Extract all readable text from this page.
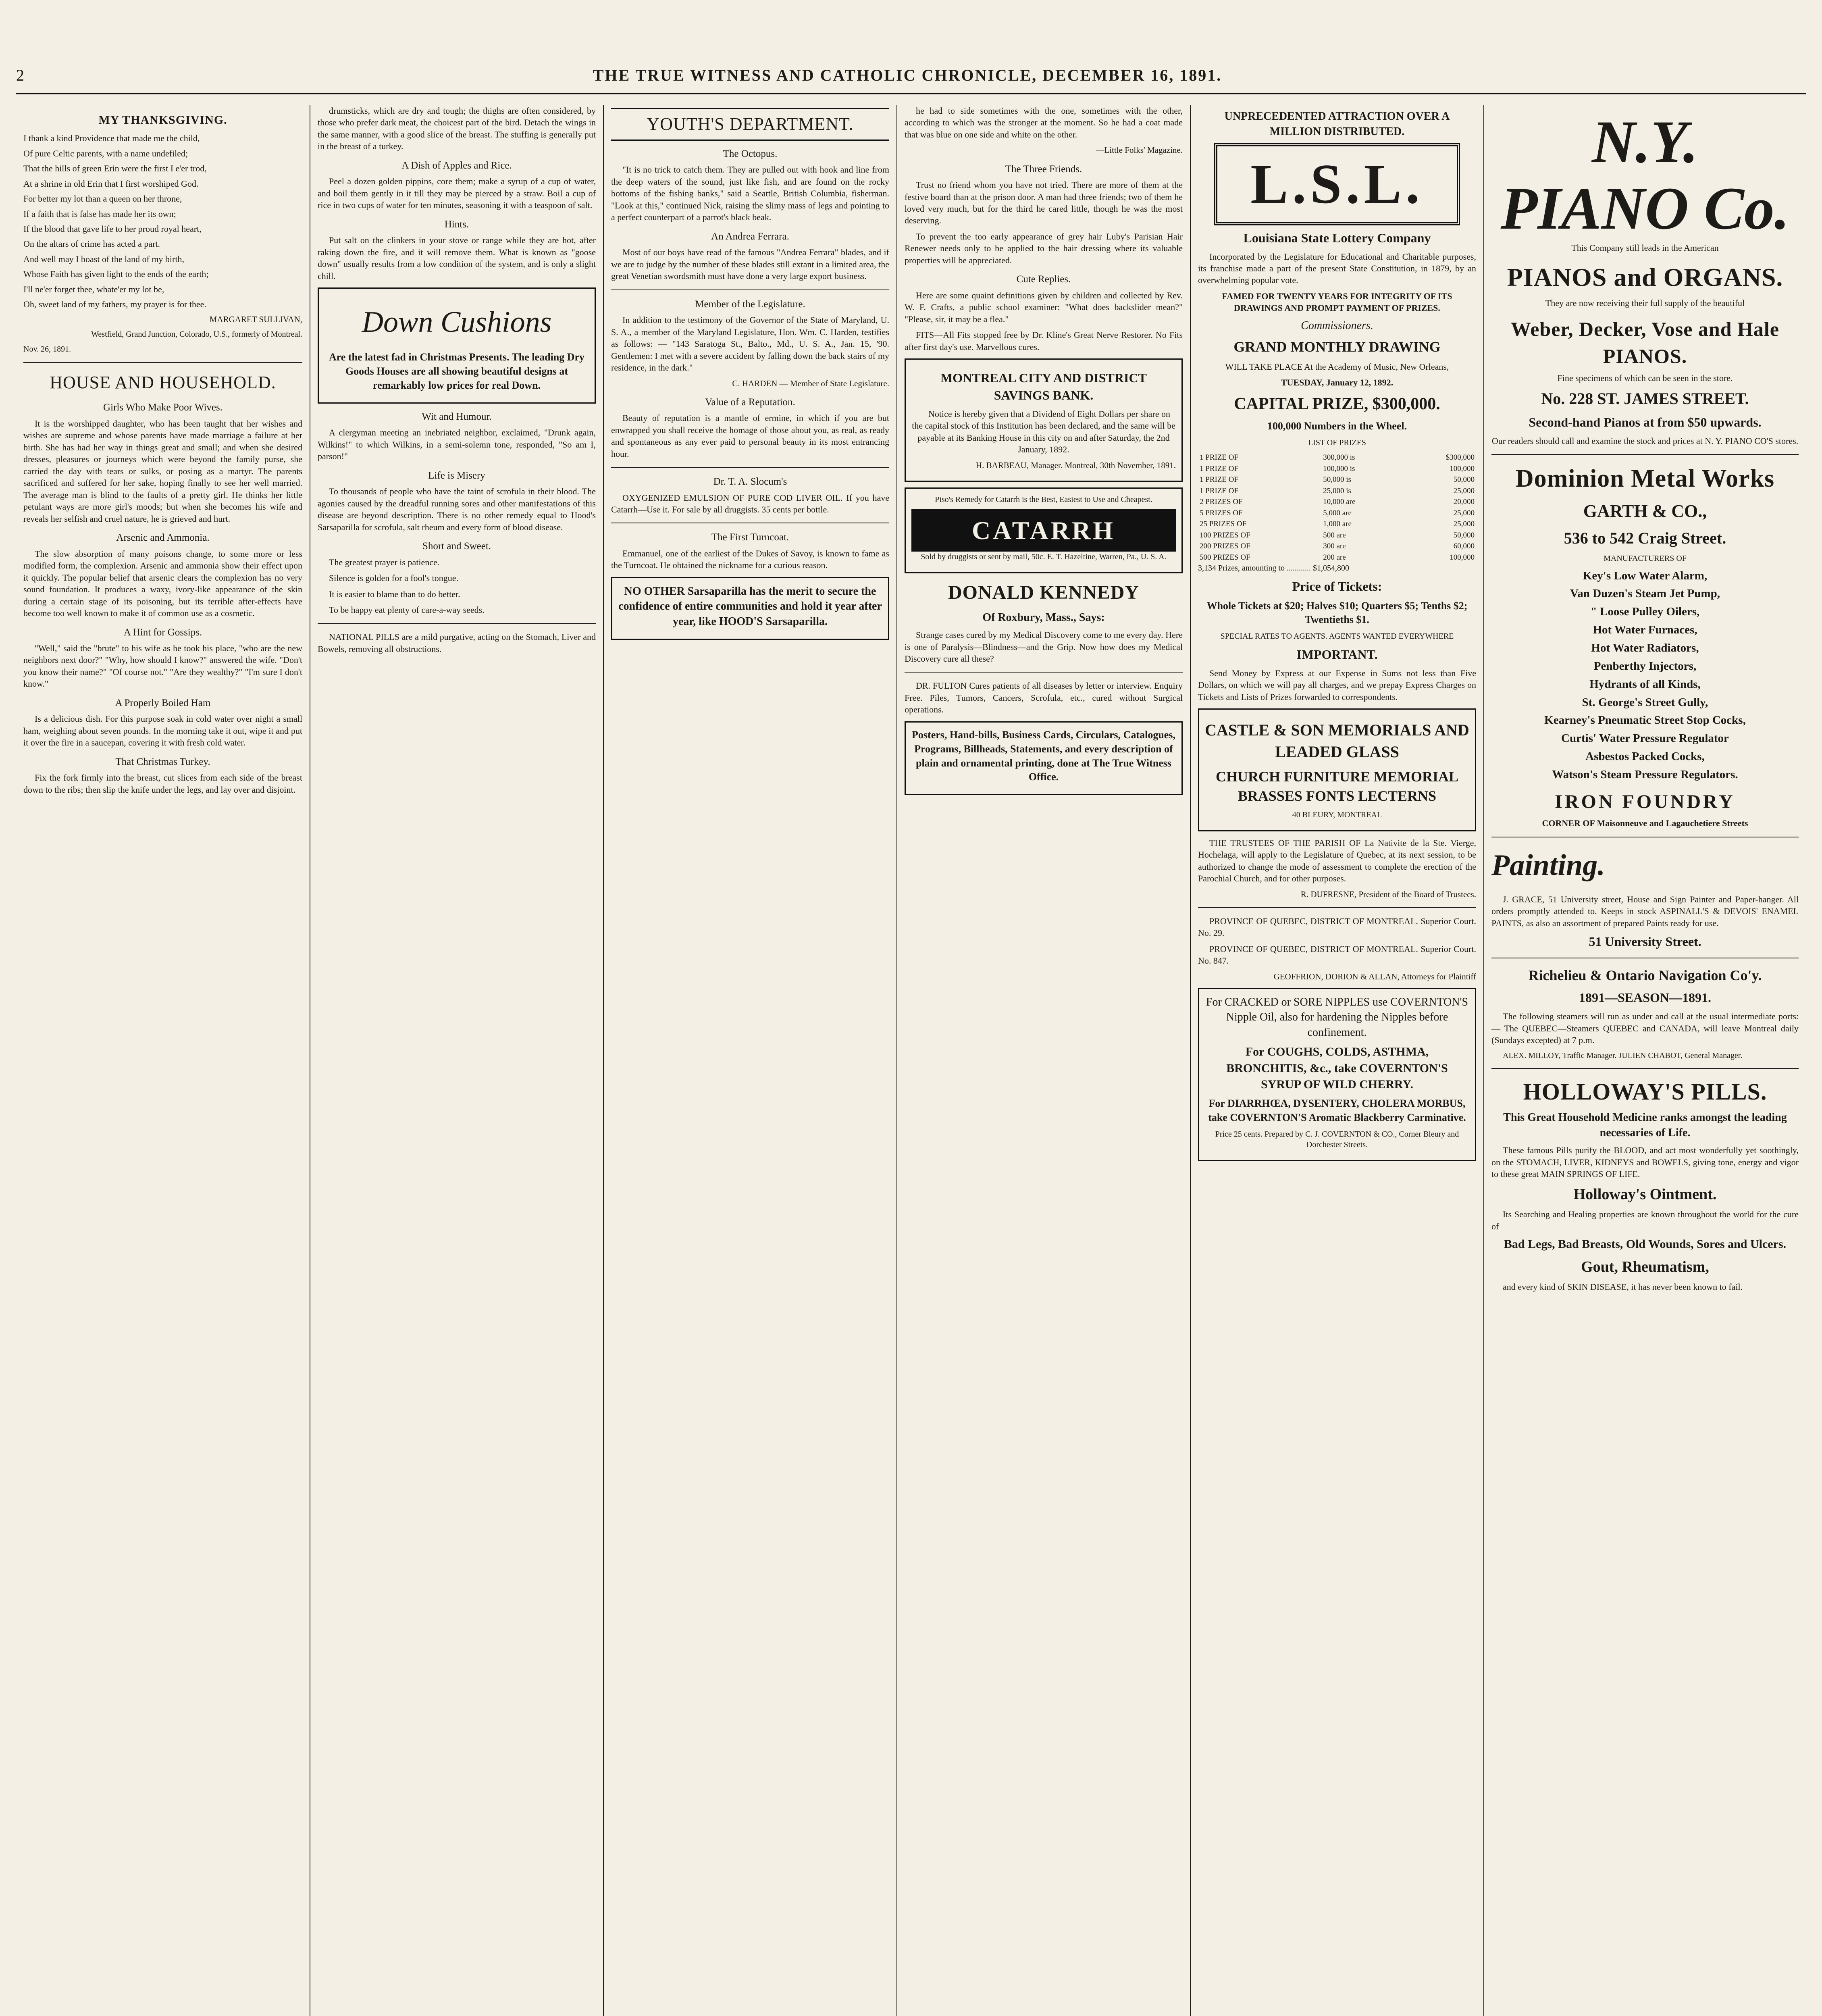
2	THE TRUE WITNESS AND CATHOLIC CHRONICLE, DECEMBER 16, 1891.
MY THANKSGIVING.

I thank a kind Providence that made me the child,

Of pure Celtic parents, with a name undefiled;

That the hills of green Erin were the first I e'er trod,

At a shrine in old Erin that I first worshiped God.

For better my lot than a queen on her throne,

If a faith that is false has made her its own;

If the blood that gave life to her proud royal heart,

On the altars of crime has acted a part.

And well may I boast of the land of my birth,

Whose Faith has given light to the ends of the earth;

I'll ne'er forget thee, whate'er my lot be,

Oh, sweet land of my fathers, my prayer is for thee.

MARGARET SULLIVAN,

Westfield, Grand Junction, Colorado, U.S., formerly of Montreal.

Nov. 26, 1891.

HOUSE AND HOUSEHOLD.
Girls Who Make Poor Wives.

It is the worshipped daughter, who has been taught that her wishes and wishes are supreme and whose parents have made marriage a failure at her birth. She has had her way in things great and small; and when she desired dresses, pleasures or journeys which were beyond the family purse, she carried the day with tears or sulks, or posing as a martyr. The parents sacrificed and suffered for her sake, hoping finally to see her well married. The average man is blind to the faults of a pretty girl. He thinks her little petulant ways are more girl's moods; but when she becomes his wife and reveals her selfish and cruel nature, he is grieved and hurt.

Arsenic and Ammonia.

The slow absorption of many poisons change, to some more or less modified form, the complexion. Arsenic and ammonia show their effect upon it quickly. The popular belief that arsenic clears the complexion has no very sound foundation. It produces a waxy, ivory-like appearance of the skin during a certain stage of its poisoning, but its terrible after-effects have become too well known to make it of common use as a cosmetic.

A Hint for Gossips.

"Well," said the "brute" to his wife as he took his place, "who are the new neighbors next door?" "Why, how should I know?" answered the wife. "Don't you know their name?" "Of course not." "Are they wealthy?" "I'm sure I don't know."

A Properly Boiled Ham

Is a delicious dish. For this purpose soak in cold water over night a small ham, weighing about seven pounds. In the morning take it out, wipe it and put it over the fire in a saucepan, covering it with fresh cold water.

That Christmas Turkey.

Fix the fork firmly into the breast, cut slices from each side of the breast down to the ribs; then slip the knife under the legs, and lay over and disjoint.

drumsticks, which are dry and tough; the thighs are often considered, by those who prefer dark meat, the choicest part of the bird. Detach the wings in the same manner, with a good slice of the breast. The stuffing is generally put in the breast of a turkey.

A Dish of Apples and Rice.

Peel a dozen golden pippins, core them; make a syrup of a cup of water, and boil them gently in it till they may be pierced by a straw. Boil a cup of rice in two cups of water for ten minutes, seasoning it with a teaspoon of salt.

Hints.

Put salt on the clinkers in your stove or range while they are hot, after raking down the fire, and it will remove them. What is known as "goose down" usually results from a low condition of the system, and is only a slight chill.

Down Cushions

Are the latest fad in Christmas Presents. The leading Dry Goods Houses are all showing beautiful designs at remarkably low prices for real Down.

Wit and Humour.

A clergyman meeting an inebriated neighbor, exclaimed, "Drunk again, Wilkins!" to which Wilkins, in a semi-solemn tone, responded, "So am I, parson!"

Life is Misery

To thousands of people who have the taint of scrofula in their blood. The agonies caused by the dreadful running sores and other manifestations of this disease are beyond description. There is no other remedy equal to Hood's Sarsaparilla for scrofula, salt rheum and every form of blood disease.

Short and Sweet.

The greatest prayer is patience.

Silence is golden for a fool's tongue.

It is easier to blame than to do better.

To be happy eat plenty of care-a-way seeds.

NATIONAL PILLS are a mild purgative, acting on the Stomach, Liver and Bowels, removing all obstructions.

YOUTH'S DEPARTMENT.
The Octopus.

"It is no trick to catch them. They are pulled out with hook and line from the deep waters of the sound, just like fish, and are found on the rocky bottoms of the fishing banks," said a Seattle, British Columbia, fisherman. "Look at this," continued Nick, raising the slimy mass of legs and pointing to a perfect counterpart of a parrot's black beak.

An Andrea Ferrara.

Most of our boys have read of the famous "Andrea Ferrara" blades, and if we are to judge by the number of these blades still extant in a limited area, the great Venetian swordsmith must have done a very large export business.

Member of the Legislature.

In addition to the testimony of the Governor of the State of Maryland, U. S. A., a member of the Maryland Legislature, Hon. Wm. C. Harden, testifies as follows: — "143 Saratoga St., Balto., Md., U. S. A., Jan. 15, '90. Gentlemen: I met with a severe accident by falling down the back stairs of my residence, in the dark."

C. HARDEN — Member of State Legislature.

Value of a Reputation.

Beauty of reputation is a mantle of ermine, in which if you are but enwrapped you shall receive the homage of those about you, as real, as ready and spontaneous as any ever paid to personal beauty in its most entrancing hour.

Dr. T. A. Slocum's

OXYGENIZED EMULSION OF PURE COD LIVER OIL. If you have Catarrh—Use it. For sale by all druggists. 35 cents per bottle.

The First Turncoat.

Emmanuel, one of the earliest of the Dukes of Savoy, is known to fame as the Turncoat. He obtained the nickname for a curious reason.

NO OTHER Sarsaparilla has the merit to secure the confidence of entire communities and hold it year after year, like HOOD'S Sarsaparilla.

he had to side sometimes with the one, sometimes with the other, according to which was the stronger at the moment. So he had a coat made that was blue on one side and white on the other.

—Little Folks' Magazine.

The Three Friends.

Trust no friend whom you have not tried. There are more of them at the festive board than at the prison door. A man had three friends; two of them he loved very much, but for the third he cared little, though he was the most deserving.

To prevent the too early appearance of grey hair Luby's Parisian Hair Renewer needs only to be applied to the hair dressing where its valuable properties will be appreciated.

Cute Replies.

Here are some quaint definitions given by children and collected by Rev. W. F. Crafts, a public school examiner: "What does backslider mean?" "Please, sir, it may be a flea."

FITS—All Fits stopped free by Dr. Kline's Great Nerve Restorer. No Fits after first day's use. Marvellous cures.

MONTREAL CITY AND DISTRICT SAVINGS BANK.

Notice is hereby given that a Dividend of Eight Dollars per share on the capital stock of this Institution has been declared, and the same will be payable at its Banking House in this city on and after Saturday, the 2nd January, 1892.

H. BARBEAU, Manager. Montreal, 30th November, 1891.

Piso's Remedy for Catarrh is the Best, Easiest to Use and Cheapest.

CATARRH

Sold by druggists or sent by mail, 50c. E. T. Hazeltine, Warren, Pa., U. S. A.

DONALD KENNEDY
Of Roxbury, Mass., Says:

Strange cases cured by my Medical Discovery come to me every day. Here is one of Paralysis—Blindness—and the Grip. Now how does my Medical Discovery cure all these?

DR. FULTON Cures patients of all diseases by letter or interview. Enquiry Free. Piles, Tumors, Cancers, Scrofula, etc., cured without Surgical operations.

Posters, Hand-bills, Business Cards, Circulars, Catalogues, Programs, Billheads, Statements, and every description of plain and ornamental printing, done at The True Witness Office.

UNPRECEDENTED ATTRACTION OVER A MILLION DISTRIBUTED.
L.S.L.
Louisiana State Lottery Company

Incorporated by the Legislature for Educational and Charitable purposes, its franchise made a part of the present State Constitution, in 1879, by an overwhelming popular vote.

FAMED FOR TWENTY YEARS FOR INTEGRITY OF ITS DRAWINGS AND PROMPT PAYMENT OF PRIZES.

Commissioners.

GRAND MONTHLY DRAWING

WILL TAKE PLACE At the Academy of Music, New Orleans,

TUESDAY, January 12, 1892.

CAPITAL PRIZE, $300,000.

100,000 Numbers in the Wheel.

LIST OF PRIZES

1 PRIZE OF	300,000 is	$300,000
1 PRIZE OF	100,000 is	100,000
1 PRIZE OF	50,000 is	50,000
1 PRIZE OF	25,000 is	25,000
2 PRIZES OF	10,000 are	20,000
5 PRIZES OF	5,000 are	25,000
25 PRIZES OF	1,000 are	25,000
100 PRIZES OF	500 are	50,000
200 PRIZES OF	300 are	60,000
500 PRIZES OF	200 are	100,000

3,134 Prizes, amounting to ............ $1,054,800

Price of Tickets:

Whole Tickets at $20; Halves $10; Quarters $5; Tenths $2; Twentieths $1.

SPECIAL RATES TO AGENTS. AGENTS WANTED EVERYWHERE

IMPORTANT.

Send Money by Express at our Expense in Sums not less than Five Dollars, on which we will pay all charges, and we prepay Express Charges on Tickets and Lists of Prizes forwarded to correspondents.

CASTLE & SON MEMORIALS AND LEADED GLASS
CHURCH FURNITURE MEMORIAL BRASSES FONTS LECTERNS

40 BLEURY, MONTREAL

THE TRUSTEES OF THE PARISH OF La Nativite de la Ste. Vierge, Hochelaga, will apply to the Legislature of Quebec, at its next session, to be authorized to change the mode of assessment to complete the erection of the Parochial Church, and for other purposes.

R. DUFRESNE, President of the Board of Trustees.

PROVINCE OF QUEBEC, DISTRICT OF MONTREAL. Superior Court. No. 29.

PROVINCE OF QUEBEC, DISTRICT OF MONTREAL. Superior Court. No. 847.

GEOFFRION, DORION & ALLAN, Attorneys for Plaintiff

For CRACKED or SORE NIPPLES use COVERNTON'S Nipple Oil, also for hardening the Nipples before confinement.

For COUGHS, COLDS, ASTHMA, BRONCHITIS, &c., take COVERNTON'S SYRUP OF WILD CHERRY.

For DIARRHŒA, DYSENTERY, CHOLERA MORBUS, take COVERNTON'S Aromatic Blackberry Carminative.

Price 25 cents. Prepared by C. J. COVERNTON & CO., Corner Bleury and Dorchester Streets.

N.Y. PIANO Co.

This Company still leads in the American

PIANOS and ORGANS.

They are now receiving their full supply of the beautiful

Weber, Decker, Vose and Hale PIANOS.

Fine specimens of which can be seen in the store.

No. 228 ST. JAMES STREET.
Second-hand Pianos at from $50 upwards.

Our readers should call and examine the stock and prices at N. Y. PIANO CO'S stores.

Dominion Metal Works
GARTH & CO.,
536 to 542 Craig Street.

MANUFACTURERS OF

Key's Low Water Alarm,

Van Duzen's Steam Jet Pump,

" Loose Pulley Oilers,

Hot Water Furnaces,

Hot Water Radiators,

Penberthy Injectors,

Hydrants of all Kinds,

St. George's Street Gully,

Kearney's Pneumatic Street Stop Cocks,

Curtis' Water Pressure Regulator

Asbestos Packed Cocks,

Watson's Steam Pressure Regulators.

IRON FOUNDRY

CORNER OF Maisonneuve and Lagauchetiere Streets

Painting.

J. GRACE, 51 University street, House and Sign Painter and Paper-hanger. All orders promptly attended to. Keeps in stock ASPINALL'S & DEVOIS' ENAMEL PAINTS, as also an assortment of prepared Paints ready for use.

51 University Street.
Richelieu & Ontario Navigation Co'y.
1891—SEASON—1891.

The following steamers will run as under and call at the usual intermediate ports:— The QUEBEC—Steamers QUEBEC and CANADA, will leave Montreal daily (Sundays excepted) at 7 p.m.

ALEX. MILLOY, Traffic Manager. JULIEN CHABOT, General Manager.

HOLLOWAY'S PILLS.

This Great Household Medicine ranks amongst the leading necessaries of Life.

These famous Pills purify the BLOOD, and act most wonderfully yet soothingly, on the STOMACH, LIVER, KIDNEYS and BOWELS, giving tone, energy and vigor to these great MAIN SPRINGS OF LIFE.

Holloway's Ointment.

Its Searching and Healing properties are known throughout the world for the cure of

Bad Legs, Bad Breasts, Old Wounds, Sores and Ulcers.

Gout, Rheumatism,

and every kind of SKIN DISEASE, it has never been known to fail.
